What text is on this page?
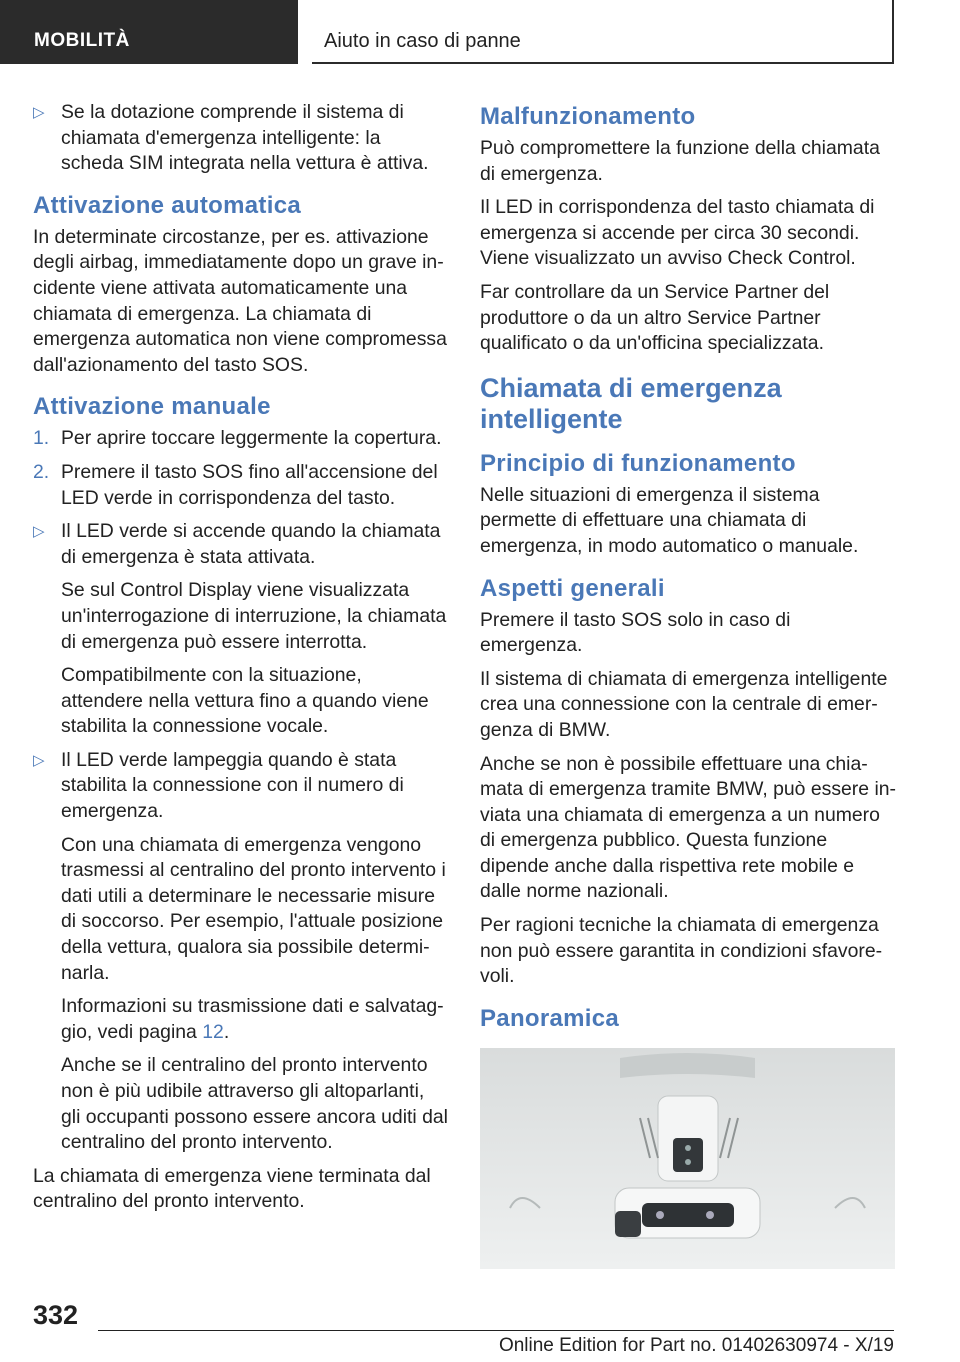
MOBILITÀ	Aiuto in caso di panne
▷ Se la dotazione comprende il sistema di chiamata d'emergenza intelligente: la scheda SIM integrata nella vettura è attiva.

Attivazione automatica

In determinate circostanze, per es. attivazione degli airbag, immediatamente dopo un grave incidente viene attivata automaticamente una chiamata di emergenza. La chiamata di emergenza automatica non viene compromessa dall'azionamento del tasto SOS.

Attivazione manuale
1. Per aprire toccare leggermente la copertura.
2. Premere il tasto SOS fino all'accensione del LED verde in corrispondenza del tasto.
▷ Il LED verde si accende quando la chiamata di emergenza è stata attivata.

Se sul Control Display viene visualizzata un'interrogazione di interruzione, la chiamata di emergenza può essere interrotta.

Compatibilmente con la situazione, attendere nella vettura fino a quando viene stabilita la connessione vocale.

▷ Il LED verde lampeggia quando è stata stabilita la connessione con il numero di emergenza.

Con una chiamata di emergenza vengono trasmessi al centralino del pronto intervento i dati utili a determinare le necessarie misure di soccorso. Per esempio, l'attuale posizione della vettura, qualora sia possibile determinarla.

Informazioni su trasmissione dati e salvataggio, vedi pagina 12.

Anche se il centralino del pronto intervento non è più udibile attraverso gli altoparlanti, gli occupanti possono essere ancora uditi dal centralino del pronto intervento.

La chiamata di emergenza viene terminata dal centralino del pronto intervento.

Malfunzionamento

Può compromettere la funzione della chiamata di emergenza.

Il LED in corrispondenza del tasto chiamata di emergenza si accende per circa 30 secondi. Viene visualizzato un avviso Check Control.

Far controllare da un Service Partner del produttore o da un altro Service Partner qualificato o da un'officina specializzata.

Chiamata di emergenza intelligente
Principio di funzionamento

Nelle situazioni di emergenza il sistema permette di effettuare una chiamata di emergenza, in modo automatico o manuale.

Aspetti generali

Premere il tasto SOS solo in caso di emergenza.

Il sistema di chiamata di emergenza intelligente crea una connessione con la centrale di emergenza di BMW.

Anche se non è possibile effettuare una chiamata di emergenza tramite BMW, può essere inviata una chiamata di emergenza a un numero di emergenza pubblico. Questa funzione dipende anche dalla rispettiva rete mobile e dalle norme nazionali.

Per ragioni tecniche la chiamata di emergenza non può essere garantita in condizioni sfavorevoli.

Panoramica
332
Online Edition for Part no. 01402630974 - X/19
